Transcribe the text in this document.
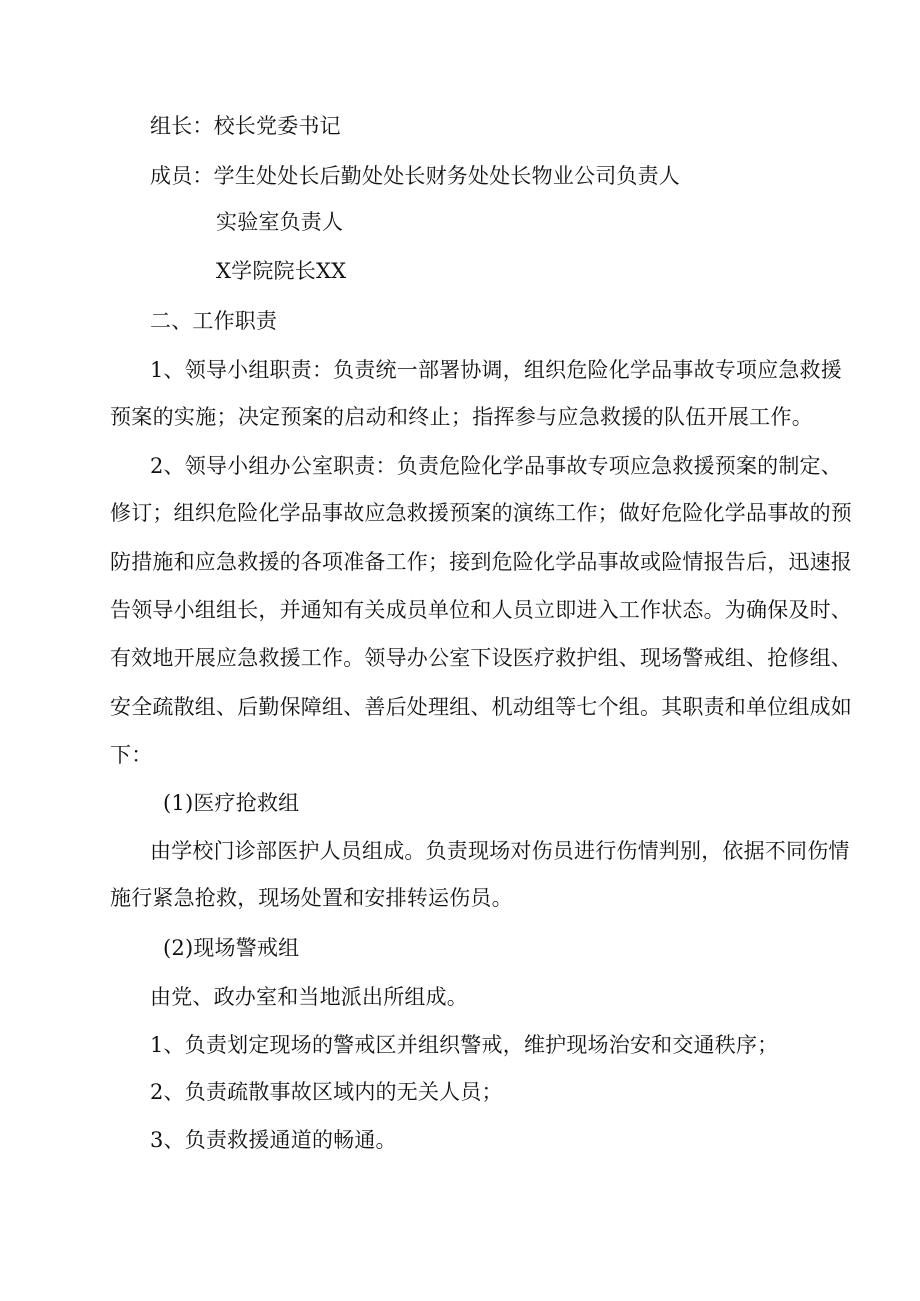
组长：校长党委书记
成员：学生处处长后勤处处长财务处处长物业公司负责人
实验室负责人
X学院院长XX
二、工作职责
1、领导小组职责：负责统一部署协调，组织危险化学品事故专项应急救援
预案的实施；决定预案的启动和终止；指挥参与应急救援的队伍开展工作。
2、领导小组办公室职责：负责危险化学品事故专项应急救援预案的制定、
修订；组织危险化学品事故应急救援预案的演练工作；做好危险化学品事故的预
防措施和应急救援的各项准备工作；接到危险化学品事故或险情报告后，迅速报
告领导小组组长，并通知有关成员单位和人员立即进入工作状态。为确保及时、
有效地开展应急救援工作。领导办公室下设医疗救护组、现场警戒组、抢修组、
安全疏散组、后勤保障组、善后处理组、机动组等七个组。其职责和单位组成如
下：
(1)医疗抢救组
由学校门诊部医护人员组成。负责现场对伤员进行伤情判别，依据不同伤情
施行紧急抢救，现场处置和安排转运伤员。
(2)现场警戒组
由党、政办室和当地派出所组成。
1、负责划定现场的警戒区并组织警戒，维护现场治安和交通秩序；
2、负责疏散事故区域内的无关人员；
3、负责救援通道的畅通。
